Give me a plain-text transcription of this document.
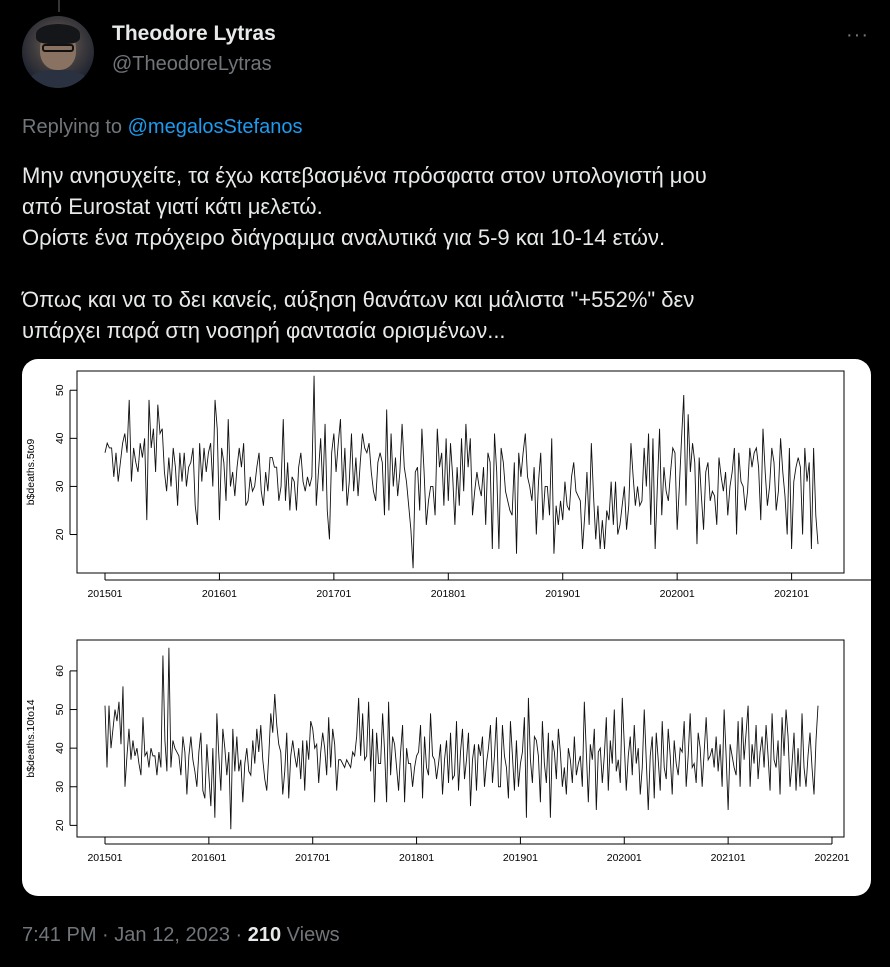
Theodore Lytras
@TheodoreLytras
···
Replying to @megalosStefanos

Μην ανησυχείτε, τα έχω κατεβασμένα πρόσφατα στον υπολογιστή μου

από Eurostat γιατί κάτι μελετώ.

Ορίστε ένα πρόχειρο διάγραμμα αναλυτικά για 5-9 και 10-14 ετών.

Όπως και να το δει κανείς, αύξηση θανάτων και μάλιστα "+552%" δεν

υπάρχει παρά στη νοσηρή φαντασία ορισμένων...

201501	201601	201701	201801	201901	202001	202101
20
30
40
50
b$deaths.5to9
201501	201601	201701	201801	201901	202001	202101	202201
20
30
40
50
60
b$deaths.10to14
7:41 PM · Jan 12, 2023 · 210 Views
